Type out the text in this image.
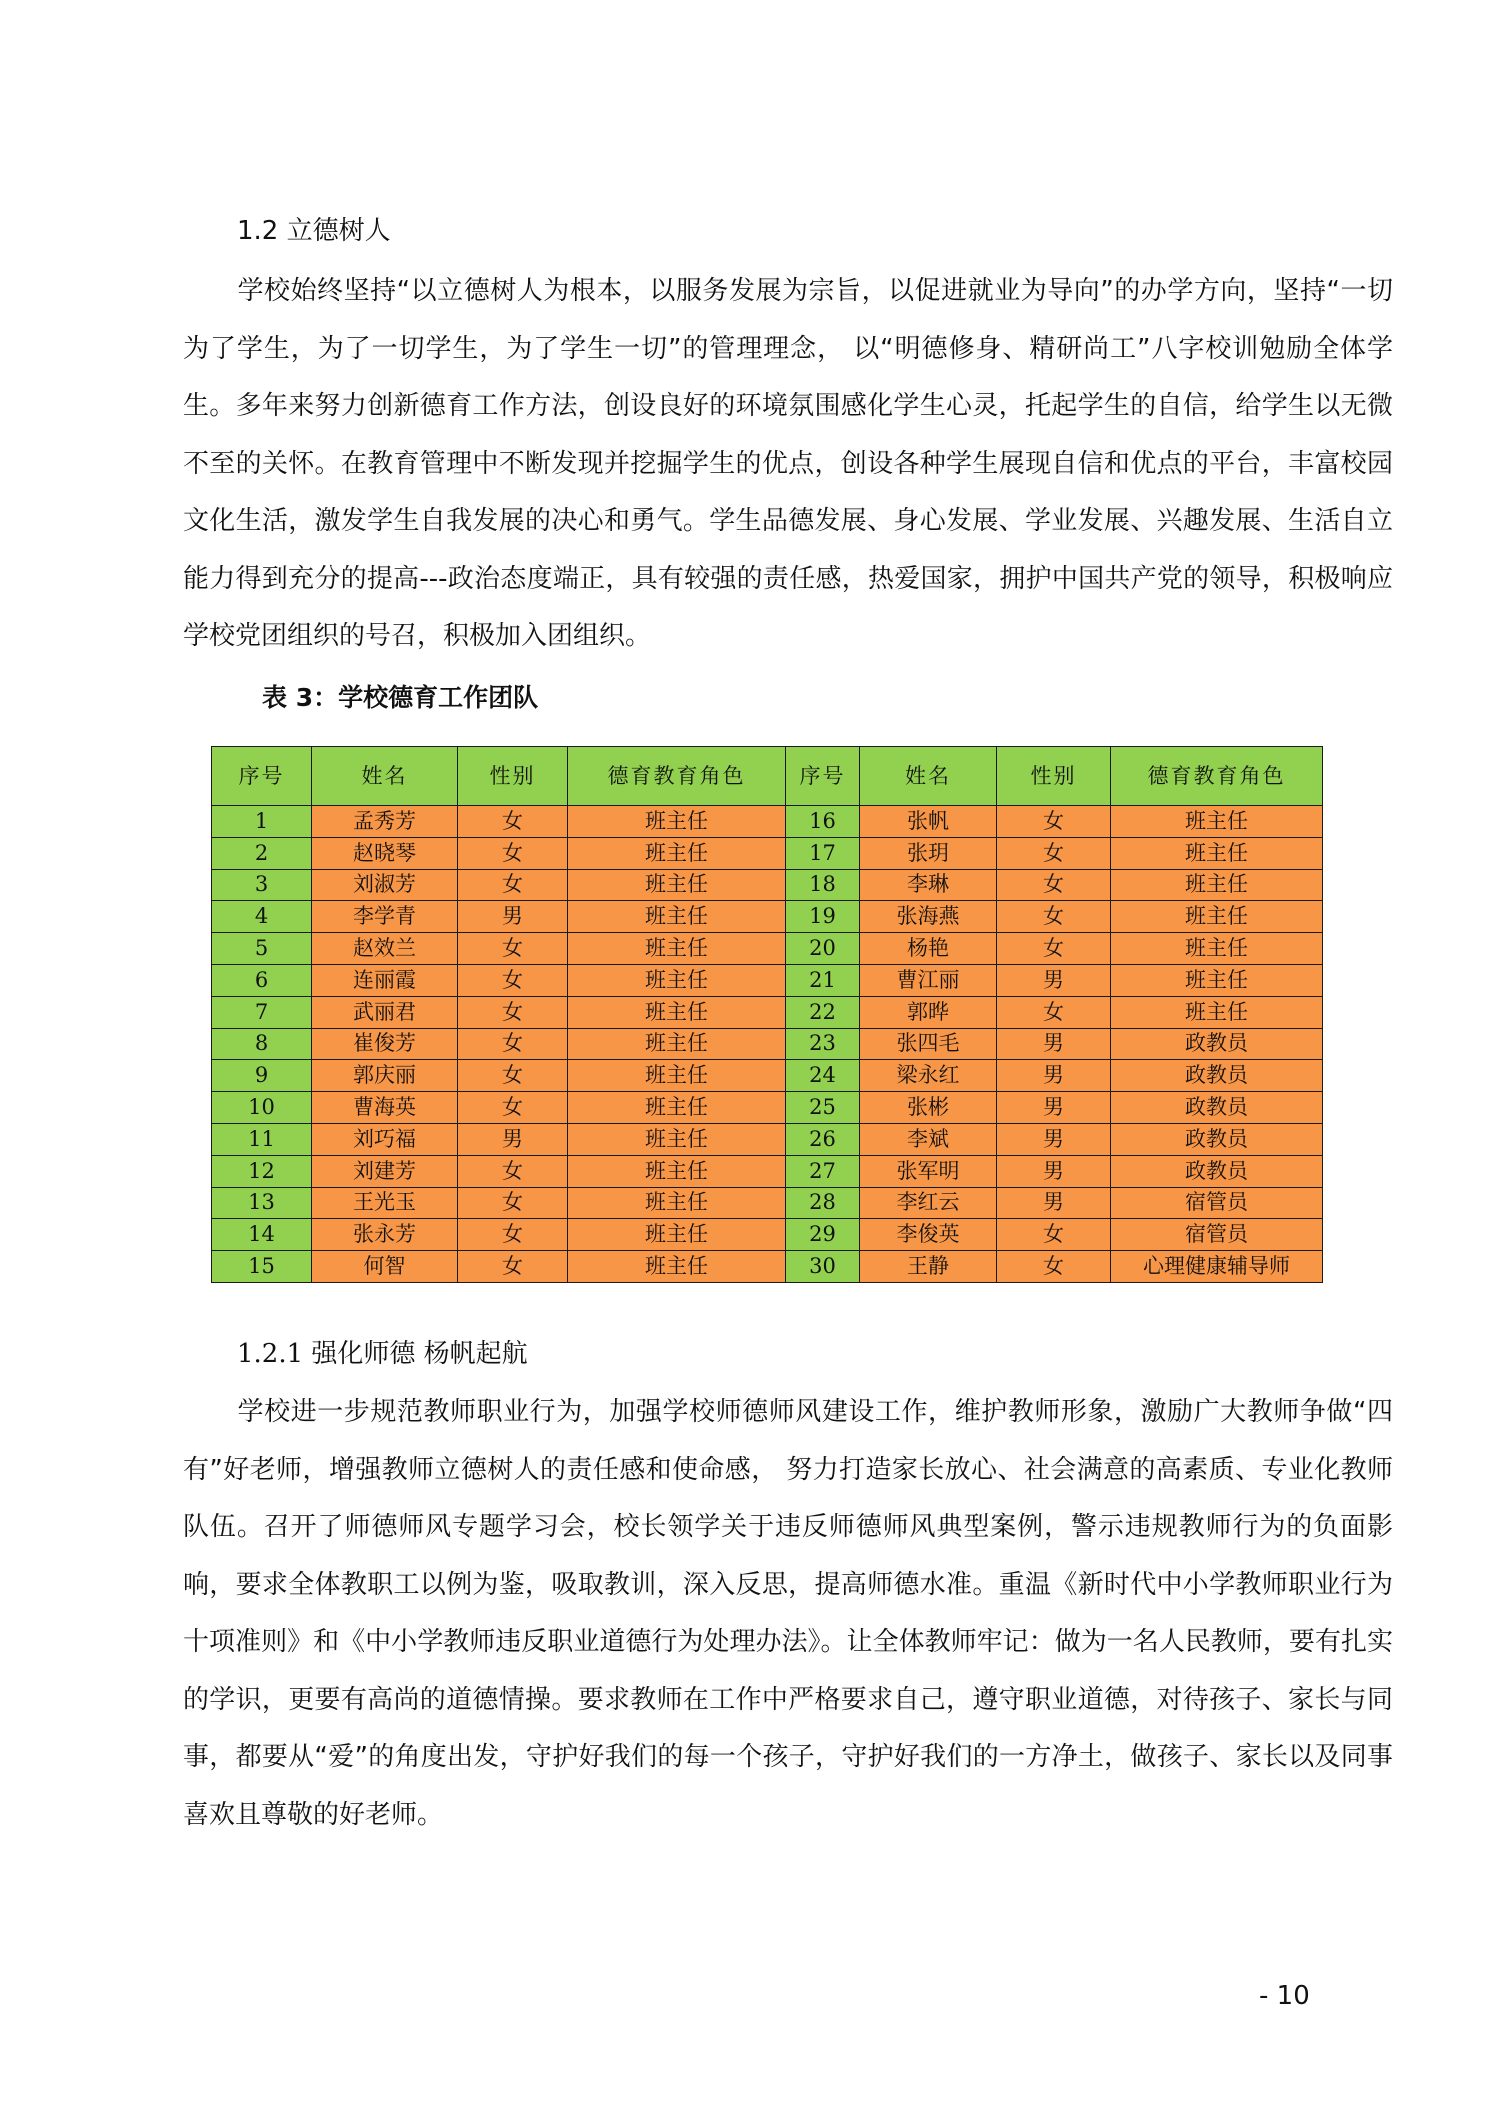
1.2 立德树人

学校始终坚持“以立德树人为根本，以服务发展为宗旨，以促进就业为导向”的办学方向，坚持“一切为了学生，为了一切学生，为了学生一切”的管理理念， 以“明德修身、精研尚工”八字校训勉励全体学生。多年来努力创新德育工作方法，创设良好的环境氛围感化学生心灵，托起学生的自信，给学生以无微不至的关怀。在教育管理中不断发现并挖掘学生的优点，创设各种学生展现自信和优点的平台，丰富校园文化生活，激发学生自我发展的决心和勇气。学生品德发展、身心发展、学业发展、兴趣发展、生活自立能力得到充分的提高---政治态度端正，具有较强的责任感，热爱国家，拥护中国共产党的领导，积极响应学校党团组织的号召，积极加入团组织。

表 3：学校德育工作团队
序号	姓名	性别	德育教育角色	序号	姓名	性别	德育教育角色
1	孟秀芳	女	班主任	16	张帆	女	班主任
2	赵晓琴	女	班主任	17	张玥	女	班主任
3	刘淑芳	女	班主任	18	李琳	女	班主任
4	李学青	男	班主任	19	张海燕	女	班主任
5	赵效兰	女	班主任	20	杨艳	女	班主任
6	连丽霞	女	班主任	21	曹江丽	男	班主任
7	武丽君	女	班主任	22	郭晔	女	班主任
8	崔俊芳	女	班主任	23	张四毛	男	政教员
9	郭庆丽	女	班主任	24	梁永红	男	政教员
10	曹海英	女	班主任	25	张彬	男	政教员
11	刘巧福	男	班主任	26	李斌	男	政教员
12	刘建芳	女	班主任	27	张军明	男	政教员
13	王光玉	女	班主任	28	李红云	男	宿管员
14	张永芳	女	班主任	29	李俊英	女	宿管员
15	何智	女	班主任	30	王静	女	心理健康辅导师
1.2.1 强化师德 杨帆起航

学校进一步规范教师职业行为，加强学校师德师风建设工作，维护教师形象，激励广大教师争做“四有”好老师，增强教师立德树人的责任感和使命感， 努力打造家长放心、社会满意的高素质、专业化教师队伍。召开了师德师风专题学习会，校长领学关于违反师德师风典型案例，警示违规教师行为的负面影响，要求全体教职工以例为鉴，吸取教训，深入反思，提高师德水准。重温《新时代中小学教师职业行为十项准则》和《中小学教师违反职业道德行为处理办法》。让全体教师牢记：做为一名人民教师，要有扎实的学识，更要有高尚的道德情操。要求教师在工作中严格要求自己，遵守职业道德，对待孩子、家长与同事，都要从“爱”的角度出发，守护好我们的每一个孩子，守护好我们的一方净土，做孩子、家长以及同事喜欢且尊敬的好老师。

- 10
